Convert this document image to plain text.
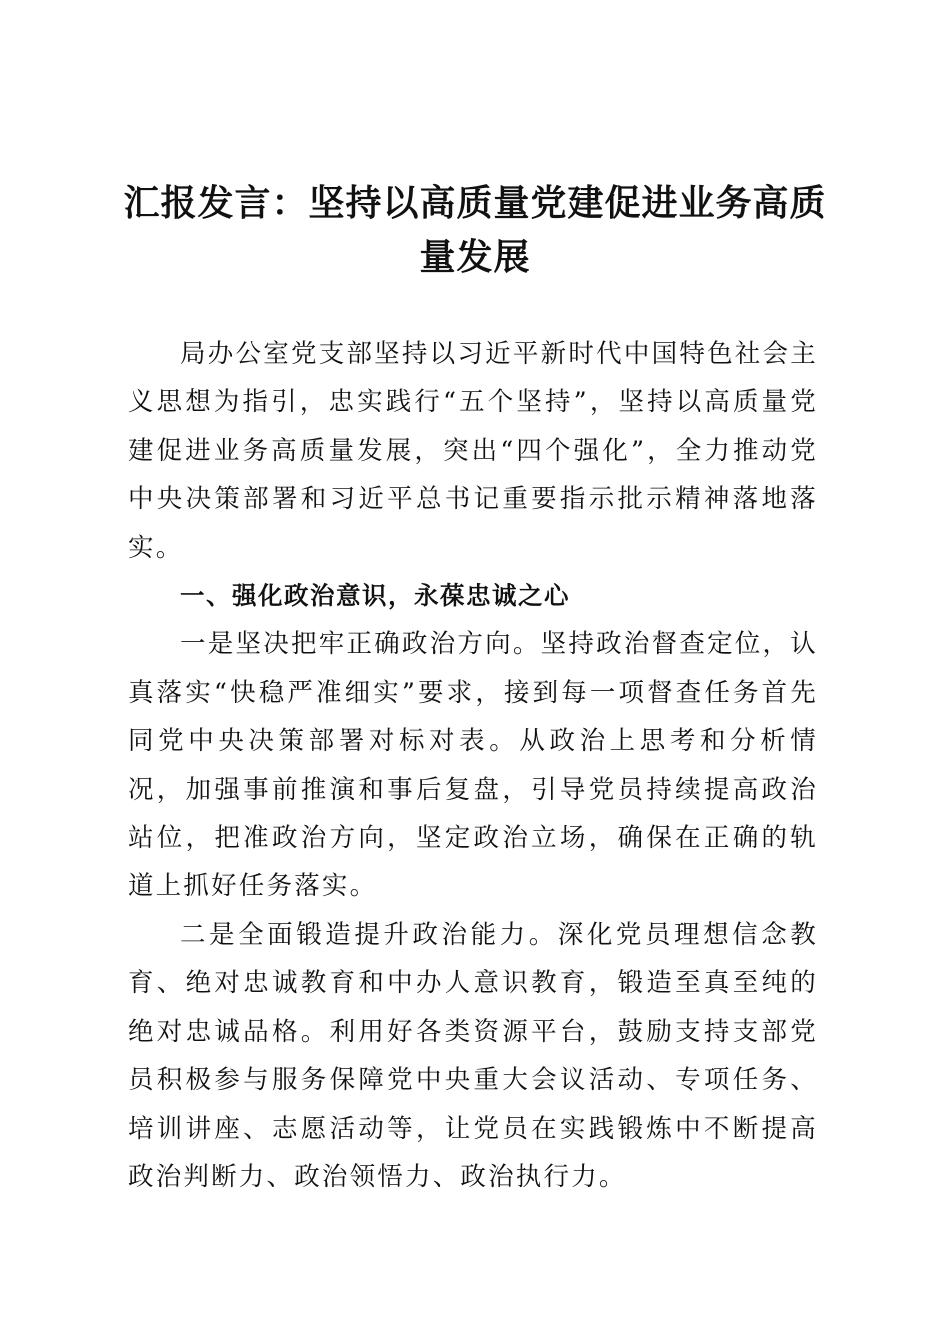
汇报发言：坚持以高质量党建促进业务高质量发展

局办公室党支部坚持以习近平新时代中国特色社会主义思想为指引，忠实践行“五个坚持”，坚持以高质量党建促进业务高质量发展，突出“四个强化”，全力推动党中央决策部署和习近平总书记重要指示批示精神落地落实。

一、强化政治意识，永葆忠诚之心

一是坚决把牢正确政治方向。坚持政治督查定位，认真落实“快稳严准细实”要求，接到每一项督查任务首先同党中央决策部署对标对表。从政治上思考和分析情况，加强事前推演和事后复盘，引导党员持续提高政治站位，把准政治方向，坚定政治立场，确保在正确的轨道上抓好任务落实。

二是全面锻造提升政治能力。深化党员理想信念教育、绝对忠诚教育和中办人意识教育，锻造至真至纯的绝对忠诚品格。利用好各类资源平台，鼓励支持支部党员积极参与服务保障党中央重大会议活动、专项任务、培训讲座、志愿活动等，让党员在实践锻炼中不断提高政治判断力、政治领悟力、政治执行力。
